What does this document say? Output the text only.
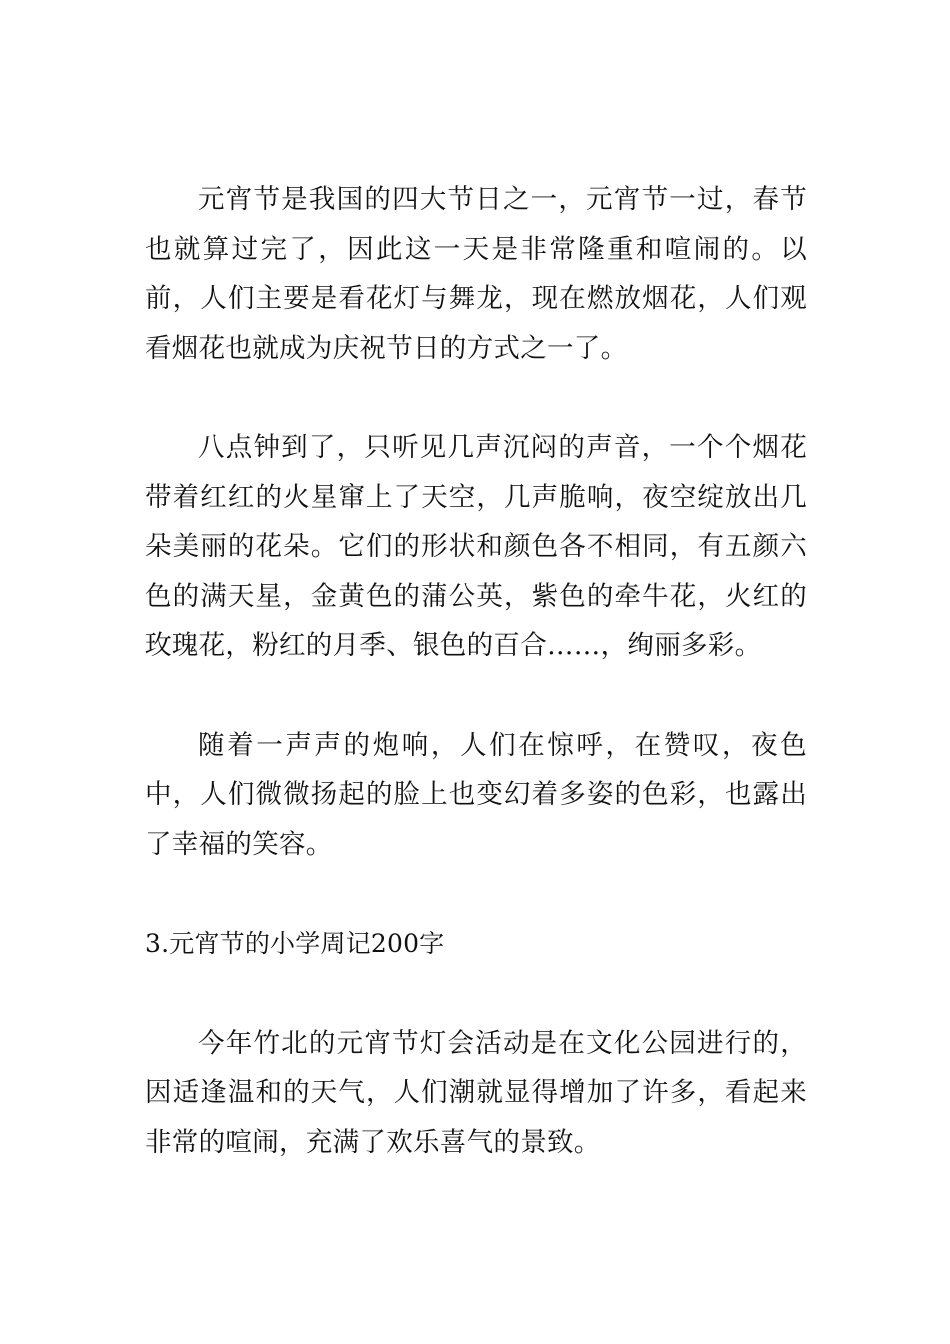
元宵节是我国的四大节日之一，元宵节一过，春节也就算过完了，因此这一天是非常隆重和喧闹的。以前，人们主要是看花灯与舞龙，现在燃放烟花，人们观看烟花也就成为庆祝节日的方式之一了。

八点钟到了，只听见几声沉闷的声音，一个个烟花带着红红的火星窜上了天空，几声脆响，夜空绽放出几朵美丽的花朵。它们的形状和颜色各不相同，有五颜六色的满天星，金黄色的蒲公英，紫色的牵牛花，火红的玫瑰花，粉红的月季、银色的百合……，绚丽多彩。

随着一声声的炮响，人们在惊呼，在赞叹，夜色中，人们微微扬起的脸上也变幻着多姿的色彩，也露出了幸福的笑容。

3.元宵节的小学周记200字

今年竹北的元宵节灯会活动是在文化公园进行的，因适逢温和的天气，人们潮就显得增加了许多，看起来非常的喧闹，充满了欢乐喜气的景致。
